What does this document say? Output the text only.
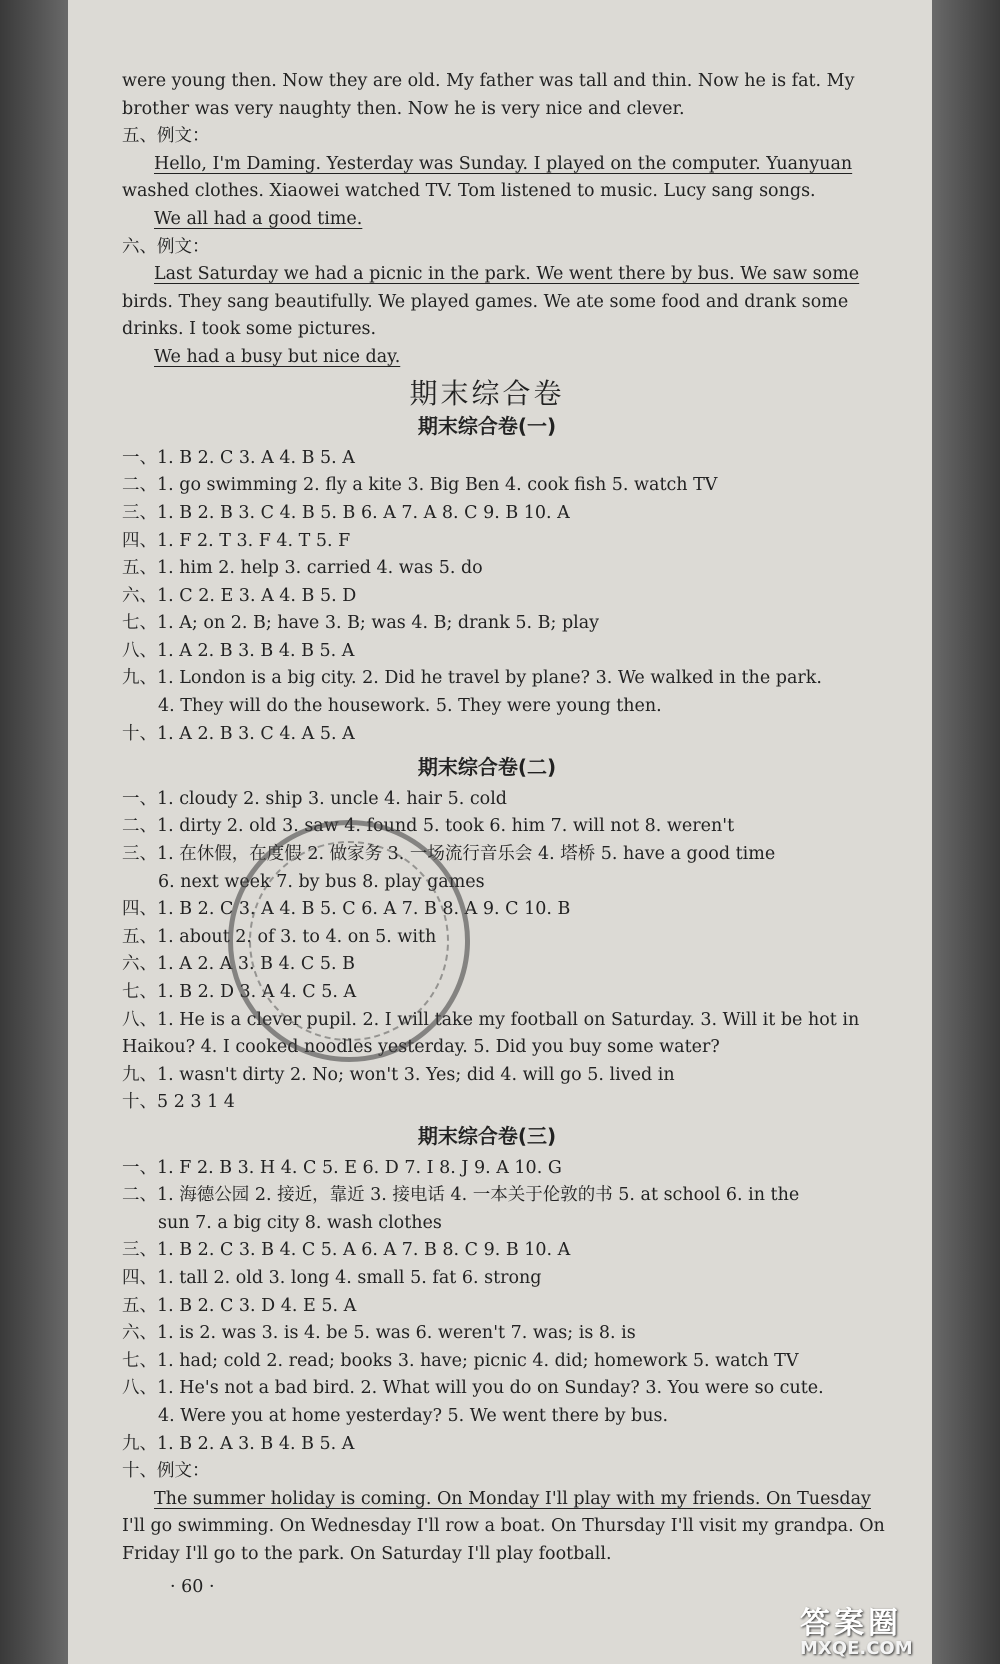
were young then. Now they are old. My father was tall and thin. Now he is fat. My
brother was very naughty then. Now he is very nice and clever.
五、例文：
Hello, I'm Daming. Yesterday was Sunday. I played on the computer. Yuanyuan
washed clothes. Xiaowei watched TV. Tom listened to music. Lucy sang songs.
We all had a good time.
六、例文：
Last Saturday we had a picnic in the park. We went there by bus. We saw some
birds. They sang beautifully. We played games. We ate some food and drank some
drinks. I took some pictures.
We had a busy but nice day.
期末综合卷
期末综合卷(一)
一、1. B 2. C 3. A 4. B 5. A
二、1. go swimming 2. fly a kite 3. Big Ben 4. cook fish 5. watch TV
三、1. B 2. B 3. C 4. B 5. B 6. A 7. A 8. C 9. B 10. A
四、1. F 2. T 3. F 4. T 5. F
五、1. him 2. help 3. carried 4. was 5. do
六、1. C 2. E 3. A 4. B 5. D
七、1. A; on 2. B; have 3. B; was 4. B; drank 5. B; play
八、1. A 2. B 3. B 4. B 5. A
九、1. London is a big city. 2. Did he travel by plane? 3. We walked in the park.
4. They will do the housework. 5. They were young then.
十、1. A 2. B 3. C 4. A 5. A
期末综合卷(二)
一、1. cloudy 2. ship 3. uncle 4. hair 5. cold
二、1. dirty 2. old 3. saw 4. found 5. took 6. him 7. will not 8. weren't
三、1. 在休假，在度假 2. 做家务 3. 一场流行音乐会 4. 塔桥 5. have a good time
6. next week 7. by bus 8. play games
四、1. B 2. C 3. A 4. B 5. C 6. A 7. B 8. A 9. C 10. B
五、1. about 2. of 3. to 4. on 5. with
六、1. A 2. A 3. B 4. C 5. B
七、1. B 2. D 3. A 4. C 5. A
八、1. He is a clever pupil. 2. I will take my football on Saturday. 3. Will it be hot in
Haikou? 4. I cooked noodles yesterday. 5. Did you buy some water?
九、1. wasn't dirty 2. No; won't 3. Yes; did 4. will go 5. lived in
十、5 2 3 1 4
期末综合卷(三)
一、1. F 2. B 3. H 4. C 5. E 6. D 7. I 8. J 9. A 10. G
二、1. 海德公园 2. 接近，靠近 3. 接电话 4. 一本关于伦敦的书 5. at school 6. in the
sun 7. a big city 8. wash clothes
三、1. B 2. C 3. B 4. C 5. A 6. A 7. B 8. C 9. B 10. A
四、1. tall 2. old 3. long 4. small 5. fat 6. strong
五、1. B 2. C 3. D 4. E 5. A
六、1. is 2. was 3. is 4. be 5. was 6. weren't 7. was; is 8. is
七、1. had; cold 2. read; books 3. have; picnic 4. did; homework 5. watch TV
八、1. He's not a bad bird. 2. What will you do on Sunday? 3. You were so cute.
4. Were you at home yesterday? 5. We went there by bus.
九、1. B 2. A 3. B 4. B 5. A
十、例文：
The summer holiday is coming. On Monday I'll play with my friends. On Tuesday
I'll go swimming. On Wednesday I'll row a boat. On Thursday I'll visit my grandpa. On
Friday I'll go to the park. On Saturday I'll play football.
· 60 ·
答案圈
MXQE.COM
